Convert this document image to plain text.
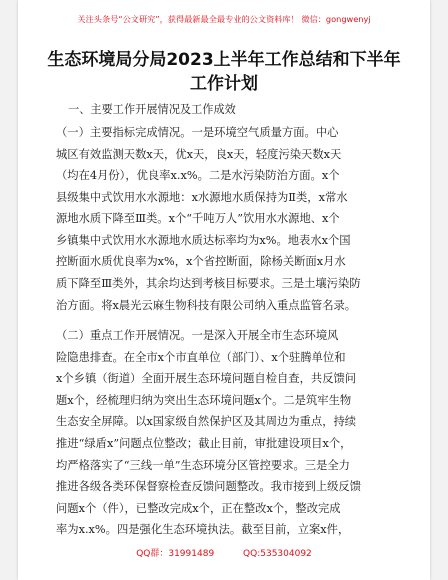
关注头条号“公文研究”，获得最新最全最专业的公文资料库！ 微信：gongwenyj
生态环境局分局2023上半年工作总结和下半年
工作计划
一、主要工作开展情况及工作成效
（一）主要指标完成情况。一是环境空气质量方面。中心
城区有效监测天数x天，优x天，良x天，轻度污染天数x天
（均在4月份），优良率x.x%。二是水污染防治方面。x个
县级集中式饮用水水源地：x水源地水质保持为Ⅱ类，x常水
源地水质下降至Ⅲ类。x个“千吨万人”饮用水水源地、x个
乡镇集中式饮用水水源地水质达标率均为x%。地表水x个国
控断面水质优良率为x%，x个省控断面，除杨关断面x月水
质下降至Ⅲ类外，其余均达到考核目标要求。三是土壤污染防
治方面。将x晨光云麻生物科技有限公司纳入重点监管名录。
（二）重点工作开展情况。一是深入开展全市生态环境风
险隐患排查。在全市x个市直单位（部门）、x个驻腾单位和
x个乡镇（街道）全面开展生态环境问题自检自查，共反馈问
题x个，经梳理归纳为突出生态环境问题x个。二是筑牢生物
生态安全屏障。以x国家级自然保护区及其周边为重点，持续
推进“绿盾x”问题点位整改；截止目前，审批建设项目x个，
均严格落实了“三线一单”生态环境分区管控要求。三是全力
推进各级各类环保督察检查反馈问题整改。我市接到上级反馈
问题x个（件），已整改完成x个，正在整改x个，整改完成
率为x.x%。四是强化生态环境执法。截至目前，立案x件，
QQ群：31991489	QQ:535304092
